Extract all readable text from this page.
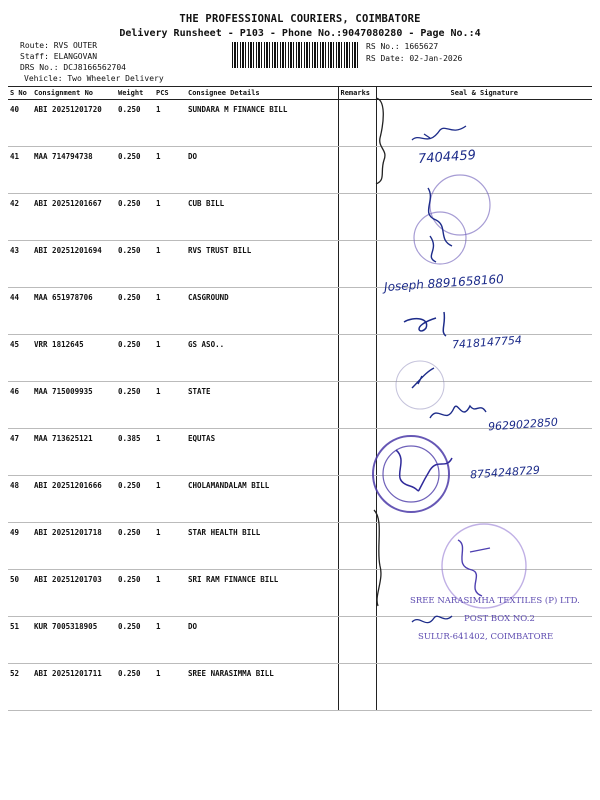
THE PROFESSIONAL COURIERS, COIMBATORE
Delivery Runsheet - P103 - Phone No.:9047080280 - Page No.:4
Route: RVS OUTER
Staff: ELANGOVAN
DRS No.: DCJ8166562704
Vehicle: Two Wheeler Delivery
RS No.: 1665627
RS Date: 02-Jan-2026
S No	Consignment No	Weight	PCS	Consignee Details	Remarks	Seal & Signature
40	ABI 20251201720	0.250	1	SUNDARA M FINANCE BILL		
41	MAA 714794738	0.250	1	DO		
42	ABI 20251201667	0.250	1	CUB BILL		
43	ABI 20251201694	0.250	1	RVS TRUST BILL		
44	MAA 651978706	0.250	1	CASGROUND		
45	VRR 1812645	0.250	1	GS ASO..		
46	MAA 715009935	0.250	1	STATE		
47	MAA 713625121	0.385	1	EQUTAS		
48	ABI 20251201666	0.250	1	CHOLAMANDALAM BILL		
49	ABI 20251201718	0.250	1	STAR HEALTH BILL		
50	ABI 20251201703	0.250	1	SRI RAM FINANCE BILL		
51	KUR 7005318905	0.250	1	DO		
52	ABI 20251201711	0.250	1	SREE NARASIMMA BILL		
7404459
Joseph 8891658160
7418147754
9629022850
8754248729
SREE NARASIMHA TEXTILES (P) LTD.
POST BOX NO.2
SULUR-641402, COIMBATORE
